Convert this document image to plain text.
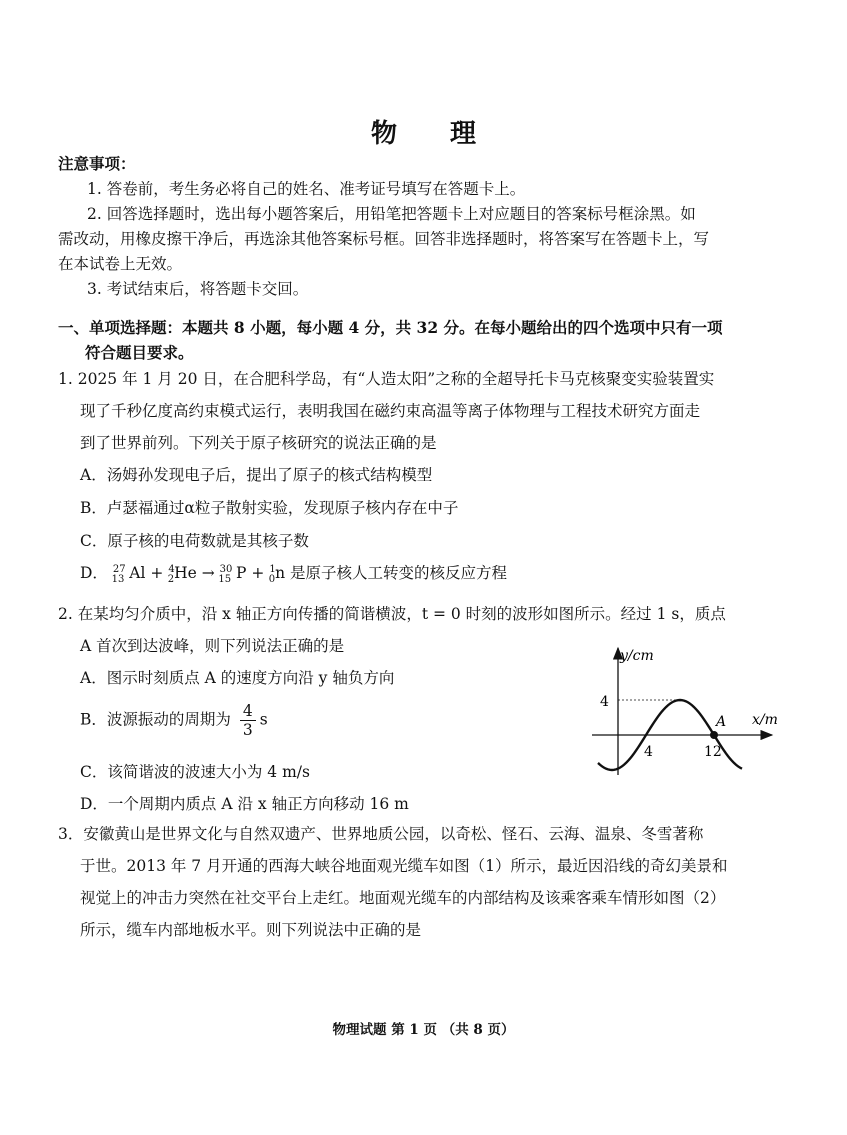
物 理
注意事项：
1. 答卷前，考生务必将自己的姓名、准考证号填写在答题卡上。
2. 回答选择题时，选出每小题答案后，用铅笔把答题卡上对应题目的答案标号框涂黑。如
需改动，用橡皮擦干净后，再选涂其他答案标号框。回答非选择题时，将答案写在答题卡上，写
在本试卷上无效。
3. 考试结束后，将答题卡交回。
一、单项选择题：本题共 8 小题，每小题 4 分，共 32 分。在每小题给出的四个选项中只有一项
符合题目要求。
1. 2025 年 1 月 20 日，在合肥科学岛，有“人造太阳”之称的全超导托卡马克核聚变实验装置实
现了千秒亿度高约束模式运行，表明我国在磁约束高温等离子体物理与工程技术研究方面走
到了世界前列。下列关于原子核研究的说法正确的是
A．汤姆孙发现电子后，提出了原子的核式结构模型
B．卢瑟福通过α粒子散射实验，发现原子核内存在中子
C．原子核的电荷数就是其核子数
D． $^{27}_{13}$ Al + $^4_2$He → $^{30}_{15}$ P + $^1_0$n 是原子核人工转变的核反应方程
2. 在某均匀介质中，沿 x 轴正方向传播的简谐横波，t = 0 时刻的波形如图所示。经过 1 s，质点
A 首次到达波峰，则下列说法正确的是
A．图示时刻质点 A 的速度方向沿 y 轴负方向
B．波源振动的周期为 $\frac{4}{3}$ s
C．该简谐波的波速大小为 4 m/s
D．一个周期内质点 A 沿 x 轴正方向移动 16 m
y/cm
x/m
4
4	12
A
3．安徽黄山是世界文化与自然双遗产、世界地质公园，以奇松、怪石、云海、温泉、冬雪著称
于世。2013 年 7 月开通的西海大峡谷地面观光缆车如图（1）所示，最近因沿线的奇幻美景和
视觉上的冲击力突然在社交平台上走红。地面观光缆车的内部结构及该乘客乘车情形如图（2）
所示，缆车内部地板水平。则下列说法中正确的是
物理试题 第 1 页 （共 8 页）
